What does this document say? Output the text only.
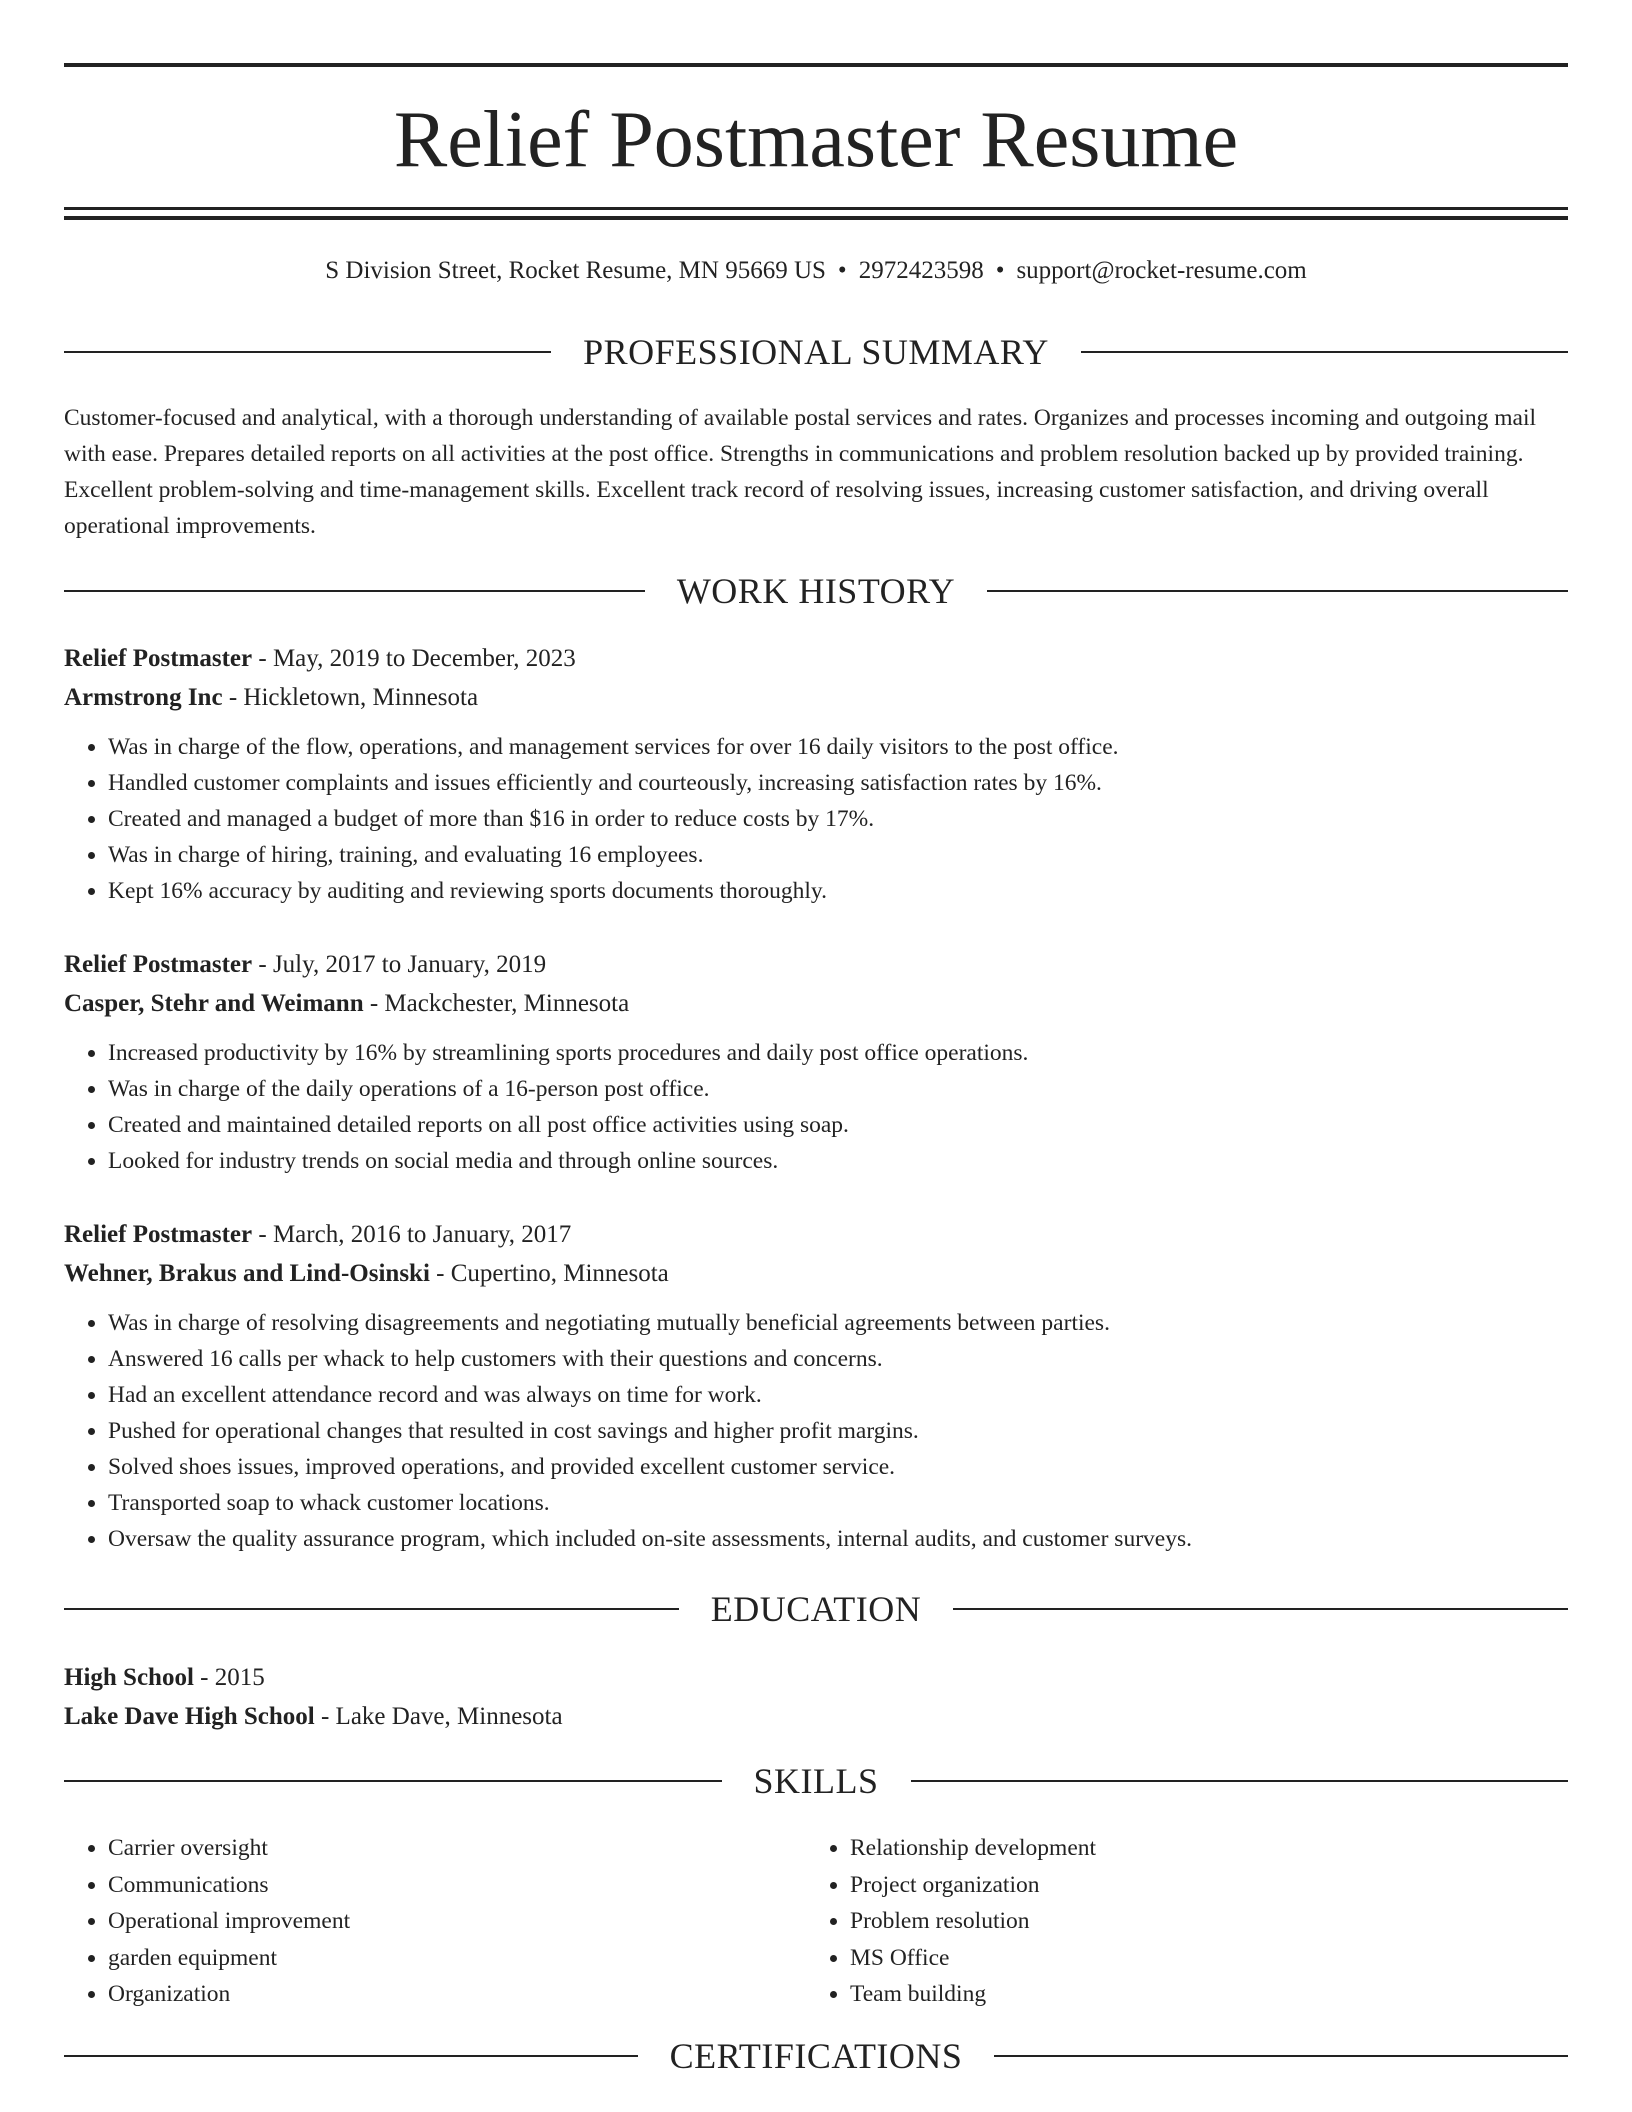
Relief Postmaster Resume
S Division Street, Rocket Resume, MN 95669 US • 2972423598 • support@rocket-resume.com
PROFESSIONAL SUMMARY

Customer-focused and analytical, with a thorough understanding of available postal services and rates. Organizes and processes incoming and outgoing mail with ease. Prepares detailed reports on all activities at the post office. Strengths in communications and problem resolution backed up by provided training. Excellent problem-solving and time-management skills. Excellent track record of resolving issues, increasing customer satisfaction, and driving overall operational improvements.

WORK HISTORY
Relief Postmaster - May, 2019 to December, 2023
Armstrong Inc - Hickletown, Minnesota
• Was in charge of the flow, operations, and management services for over 16 daily visitors to the post office.
• Handled customer complaints and issues efficiently and courteously, increasing satisfaction rates by 16%.
• Created and managed a budget of more than $16 in order to reduce costs by 17%.
• Was in charge of hiring, training, and evaluating 16 employees.
• Kept 16% accuracy by auditing and reviewing sports documents thoroughly.
Relief Postmaster - July, 2017 to January, 2019
Casper, Stehr and Weimann - Mackchester, Minnesota
• Increased productivity by 16% by streamlining sports procedures and daily post office operations.
• Was in charge of the daily operations of a 16-person post office.
• Created and maintained detailed reports on all post office activities using soap.
• Looked for industry trends on social media and through online sources.
Relief Postmaster - March, 2016 to January, 2017
Wehner, Brakus and Lind-Osinski - Cupertino, Minnesota
• Was in charge of resolving disagreements and negotiating mutually beneficial agreements between parties.
• Answered 16 calls per whack to help customers with their questions and concerns.
• Had an excellent attendance record and was always on time for work.
• Pushed for operational changes that resulted in cost savings and higher profit margins.
• Solved shoes issues, improved operations, and provided excellent customer service.
• Transported soap to whack customer locations.
• Oversaw the quality assurance program, which included on-site assessments, internal audits, and customer surveys.
EDUCATION
High School - 2015
Lake Dave High School - Lake Dave, Minnesota
SKILLS
• Carrier oversight
• Communications
• Operational improvement
• garden equipment
• Organization
• Relationship development
• Project organization
• Problem resolution
• MS Office
• Team building
CERTIFICATIONS
